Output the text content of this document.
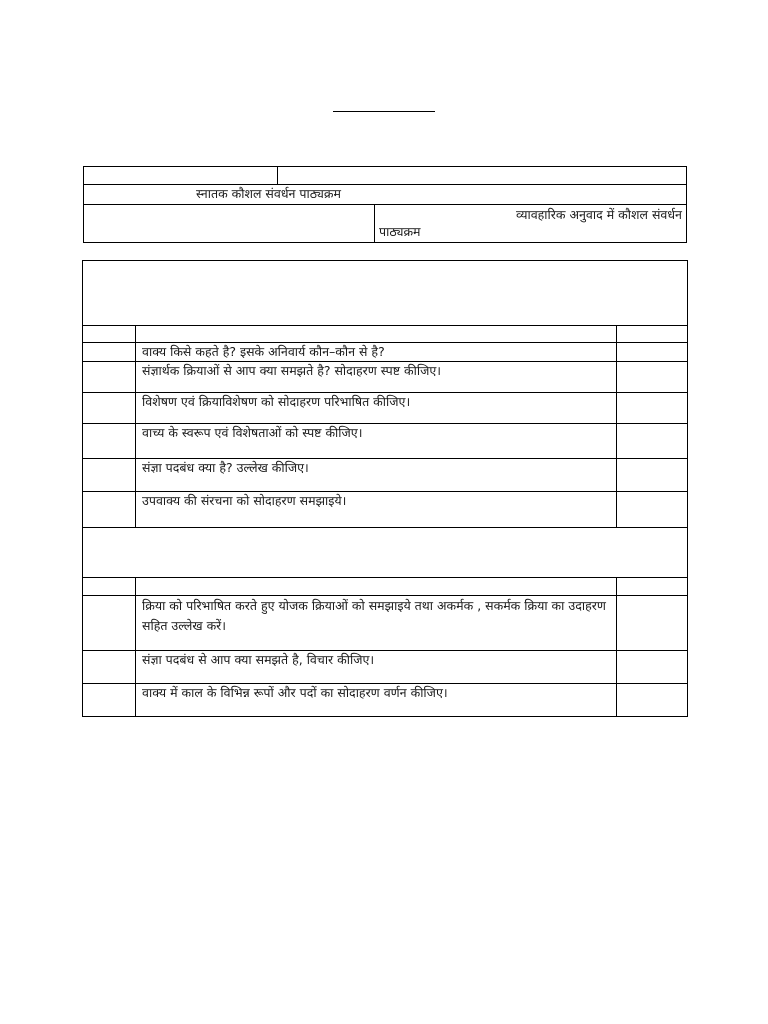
स्नातक कौशल संवर्धन पाठ्यक्रम		

		व्यावहारिक अनुवाद में कौशल संवर्धन
पाठ्यक्रम

	वाक्य किसे कहते है? इसके अनिवार्य कौन–कौन से है?	
	संज्ञार्थक क्रियाओं से आप क्या समझते है? सोदाहरण स्पष्ट कीजिए।	
	विशेषण एवं क्रियाविशेषण को सोदाहरण परिभाषित कीजिए।	
	वाच्य के स्वरूप एवं विशेषताओं को स्पष्ट कीजिए।	
	संज्ञा पदबंध क्या है? उल्लेख कीजिए।	
	उपवाक्य की संरचना को सोदाहरण समझाइये।	

	क्रिया को परिभाषित करते हुए योजक क्रियाओं को समझाइये तथा अकर्मक , सकर्मक क्रिया का उदाहरण सहित उल्लेख करें।	
	संज्ञा पदबंध से आप क्या समझते है, विचार कीजिए।	
	वाक्य में काल के विभिन्न रूपों और पदों का सोदाहरण वर्णन कीजिए।	
